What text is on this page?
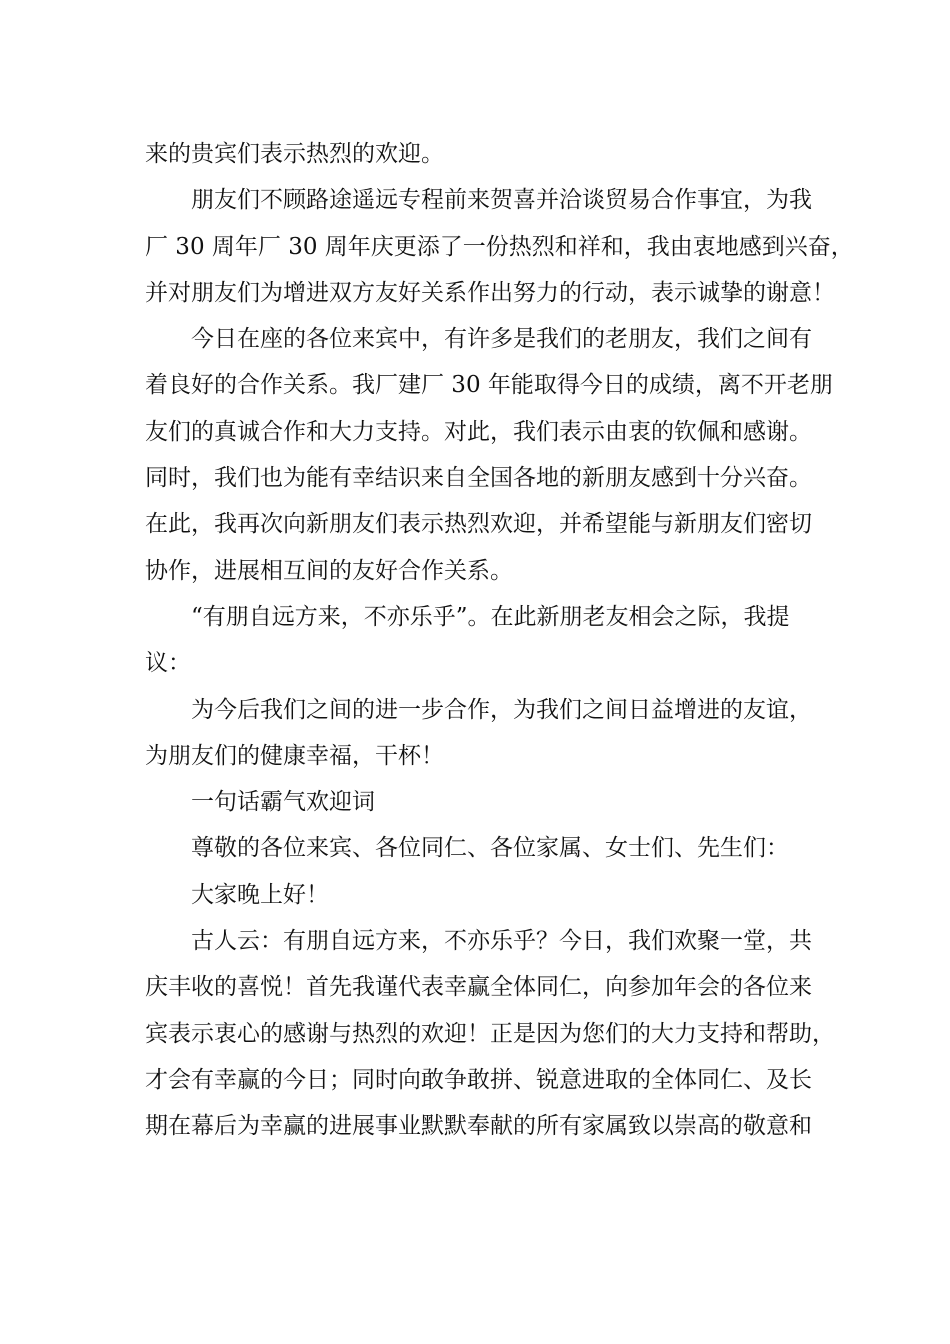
来的贵宾们表示热烈的欢迎。
朋友们不顾路途遥远专程前来贺喜并洽谈贸易合作事宜，为我
厂 30 周年厂 30 周年庆更添了一份热烈和祥和，我由衷地感到兴奋，
并对朋友们为增进双方友好关系作出努力的行动，表示诚挚的谢意！
今日在座的各位来宾中，有许多是我们的老朋友，我们之间有
着良好的合作关系。我厂建厂 30 年能取得今日的成绩，离不开老朋
友们的真诚合作和大力支持。对此，我们表示由衷的钦佩和感谢。
同时，我们也为能有幸结识来自全国各地的新朋友感到十分兴奋。
在此，我再次向新朋友们表示热烈欢迎，并希望能与新朋友们密切
协作，进展相互间的友好合作关系。
“有朋自远方来，不亦乐乎”。在此新朋老友相会之际，我提
议：
为今后我们之间的进一步合作，为我们之间日益增进的友谊，
为朋友们的健康幸福，干杯！
一句话霸气欢迎词
尊敬的各位来宾、各位同仁、各位家属、女士们、先生们：
大家晚上好！
古人云：有朋自远方来，不亦乐乎？今日，我们欢聚一堂，共
庆丰收的喜悦！首先我谨代表幸赢全体同仁，向参加年会的各位来
宾表示衷心的感谢与热烈的欢迎！正是因为您们的大力支持和帮助，
才会有幸赢的今日；同时向敢争敢拼、锐意进取的全体同仁、及长
期在幕后为幸赢的进展事业默默奉献的所有家属致以崇高的敬意和
